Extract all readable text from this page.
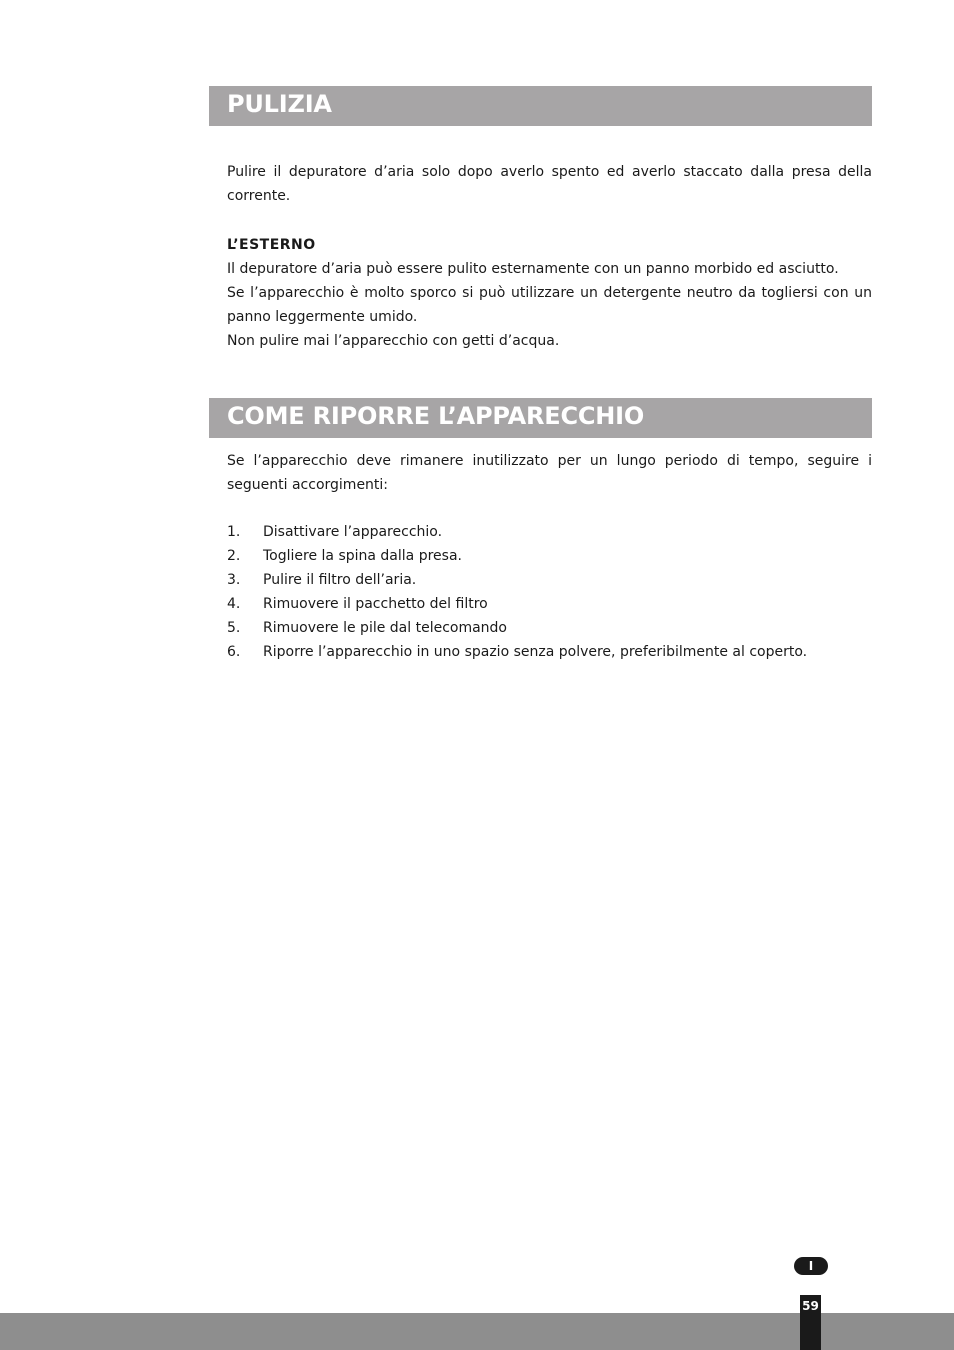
PULIZIA
Pulire il depuratore d’aria solo dopo averlo spento ed averlo staccato dalla presa della corrente.
L’ESTERNO
Il depuratore d’aria può essere pulito esternamente con un panno morbido ed asciutto.
Se l’apparecchio è molto sporco si può utilizzare un detergente neutro da togliersi con un panno leggermente umido.
Non pulire mai l’apparecchio con getti d’acqua.
COME RIPORRE L’APPARECCHIO
Se l’apparecchio deve rimanere inutilizzato per un lungo periodo di tempo, seguire i seguenti accorgimenti:
1. Disattivare l’apparecchio.
2. Togliere la spina dalla presa.
3. Pulire il filtro dell’aria.
4. Rimuovere il pacchetto del filtro
5. Rimuovere le pile dal telecomando
6. Riporre l’apparecchio in uno spazio senza polvere, preferibilmente al coperto.
I
59
